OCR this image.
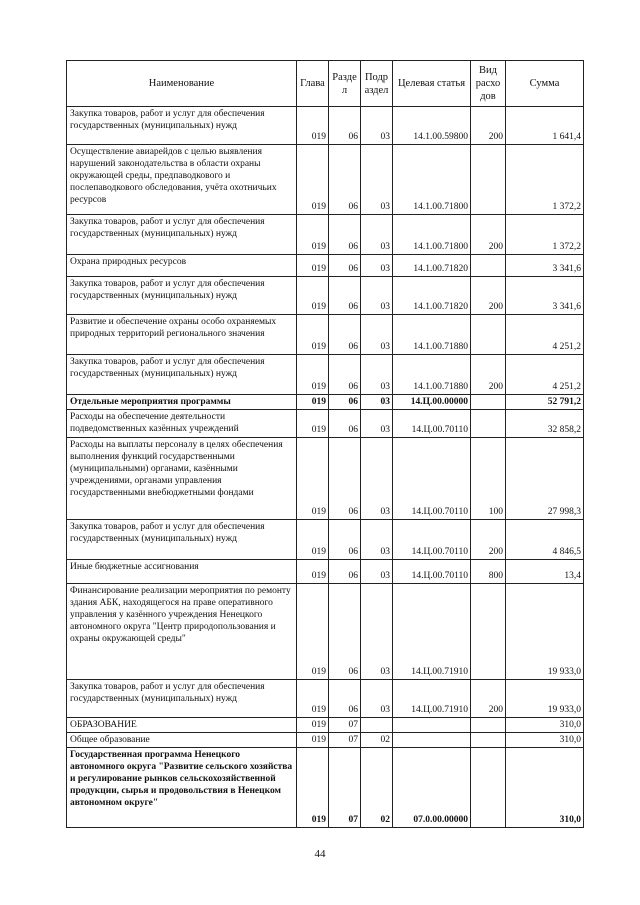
Наименование	Глава	Разде л	Подр аздел	Целевая статья	Вид расхо дов	Сумма
Закупка товаров, работ и услуг для обеспечения государственных (муниципальных) нужд	019	06	03	14.1.00.59800	200	1 641,4
Осуществление авиарейдов с целью выявления нарушений законодательства в области охраны окружающей среды, предпаводкового и послепаводкового обследования, учёта охотничьих ресурсов	019	06	03	14.1.00.71800		1 372,2
Закупка товаров, работ и услуг для обеспечения государственных (муниципальных) нужд	019	06	03	14.1.00.71800	200	1 372,2
Охрана природных ресурсов	019	06	03	14.1.00.71820		3 341,6
Закупка товаров, работ и услуг для обеспечения государственных (муниципальных) нужд	019	06	03	14.1.00.71820	200	3 341,6
Развитие и обеспечение охраны особо охраняемых природных территорий регионального значения	019	06	03	14.1.00.71880		4 251,2
Закупка товаров, работ и услуг для обеспечения государственных (муниципальных) нужд	019	06	03	14.1.00.71880	200	4 251,2
Отдельные мероприятия программы	019	06	03	14.Ц.00.00000		52 791,2
Расходы на обеспечение деятельности подведомственных казённых учреждений	019	06	03	14.Ц.00.70110		32 858,2
Расходы на выплаты персоналу в целях обеспечения выполнения функций государственными (муниципальными) органами, казёнными учреждениями, органами управления государственными внебюджетными фондами	019	06	03	14.Ц.00.70110	100	27 998,3
Закупка товаров, работ и услуг для обеспечения государственных (муниципальных) нужд	019	06	03	14.Ц.00.70110	200	4 846,5
Иные бюджетные ассигнования	019	06	03	14.Ц.00.70110	800	13,4
Финансирование реализации мероприятия по ремонту здания АБК, находящегося на праве оперативного управления у казённого учреждения Ненецкого автономного округа "Центр природопользования и охраны окружающей среды"	019	06	03	14.Ц.00.71910		19 933,0
Закупка товаров, работ и услуг для обеспечения государственных (муниципальных) нужд	019	06	03	14.Ц.00.71910	200	19 933,0
ОБРАЗОВАНИЕ	019	07				310,0
Общее образование	019	07	02			310,0
Государственная программа Ненецкого автономного округа "Развитие сельского хозяйства и регулирование рынков сельскохозяйственной продукции, сырья и продовольствия в Ненецком автономном округе"	019	07	02	07.0.00.00000		310,0
44
